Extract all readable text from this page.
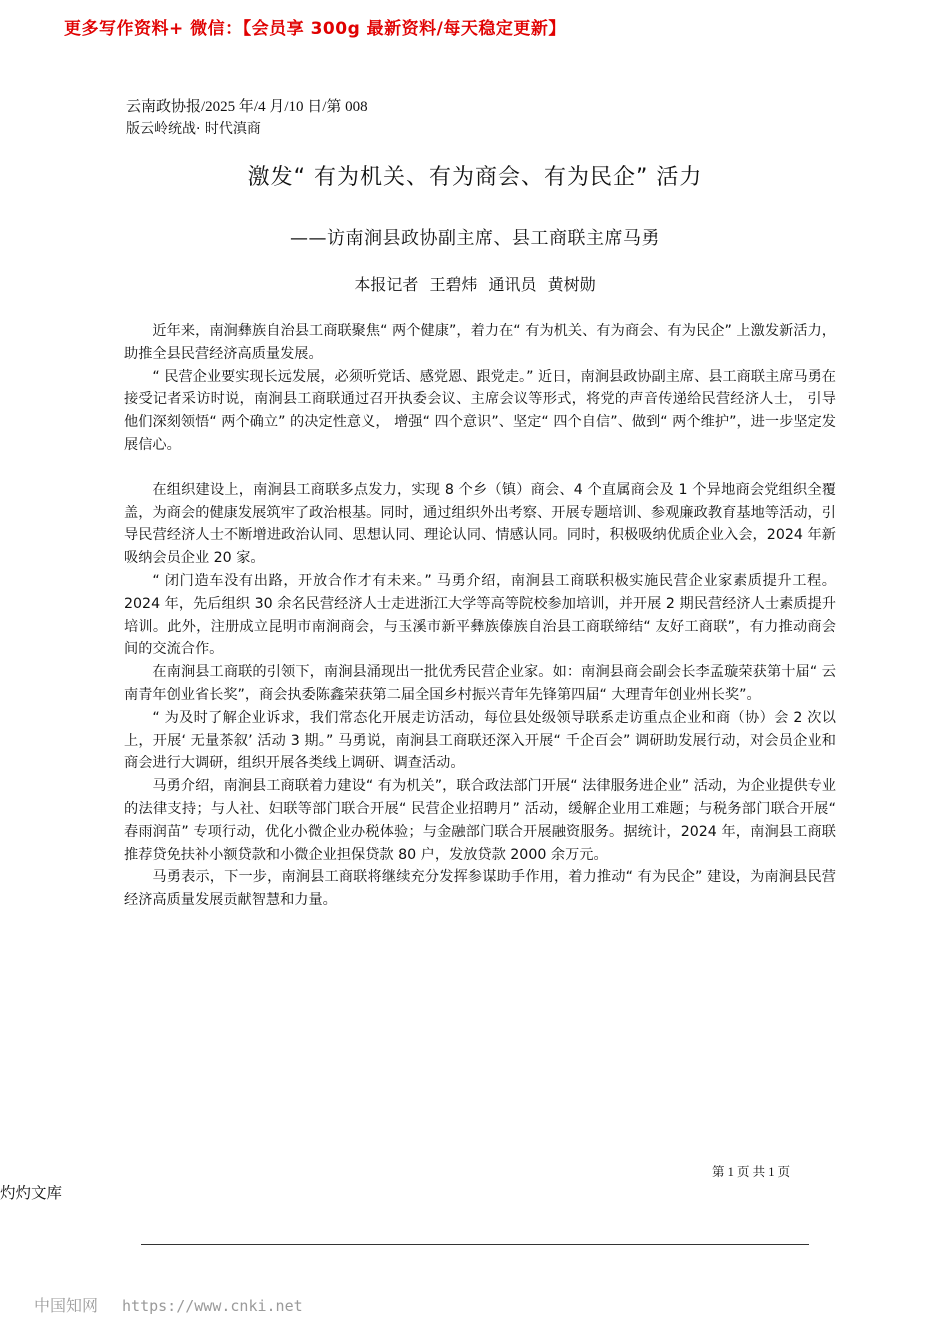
更多写作资料+ 微信：【会员享 300g 最新资料/每天稳定更新】
云南政协报/2025 年/4 月/10 日/第 008
版云岭统战· 时代滇商
激发“ 有为机关、有为商会、有为民企” 活力
——访南涧县政协副主席、县工商联主席马勇
本报记者 王碧炜 通讯员 黄树勋

近年来，南涧彝族自治县工商联聚焦“ 两个健康”，着力在“ 有为机关、有为商会、有为民企” 上激发新活力，助推全县民营经济高质量发展。

“ 民营企业要实现长远发展，必须听党话、感党恩、跟党走。” 近日，南涧县政协副主席、县工商联主席马勇在接受记者采访时说，南涧县工商联通过召开执委会议、主席会议等形式，将党的声音传递给民营经济人士， 引导他们深刻领悟“ 两个确立” 的决定性意义， 增强“ 四个意识”、坚定“ 四个自信”、做到“ 两个维护”，进一步坚定发展信心。

在组织建设上，南涧县工商联多点发力，实现 8 个乡（镇）商会、4 个直属商会及 1 个异地商会党组织全覆盖，为商会的健康发展筑牢了政治根基。同时，通过组织外出考察、开展专题培训、参观廉政教育基地等活动，引导民营经济人士不断增进政治认同、思想认同、理论认同、情感认同。同时，积极吸纳优质企业入会，2024 年新吸纳会员企业 20 家。

“ 闭门造车没有出路，开放合作才有未来。” 马勇介绍，南涧县工商联积极实施民营企业家素质提升工程。2024 年，先后组织 30 余名民营经济人士走进浙江大学等高等院校参加培训，并开展 2 期民营经济人士素质提升培训。此外，注册成立昆明市南涧商会，与玉溪市新平彝族傣族自治县工商联缔结“ 友好工商联”，有力推动商会间的交流合作。

在南涧县工商联的引领下，南涧县涌现出一批优秀民营企业家。如：南涧县商会副会长李孟璇荣获第十届“ 云南青年创业省长奖”，商会执委陈鑫荣获第二届全国乡村振兴青年先锋第四届“ 大理青年创业州长奖”。

“ 为及时了解企业诉求，我们常态化开展走访活动，每位县处级领导联系走访重点企业和商（协）会 2 次以上，开展‘ 无量茶叙’ 活动 3 期。” 马勇说，南涧县工商联还深入开展“ 千企百会” 调研助发展行动，对会员企业和商会进行大调研，组织开展各类线上调研、调查活动。

马勇介绍，南涧县工商联着力建设“ 有为机关”，联合政法部门开展“ 法律服务进企业” 活动，为企业提供专业的法律支持；与人社、妇联等部门联合开展“ 民营企业招聘月” 活动，缓解企业用工难题；与税务部门联合开展“ 春雨润苗” 专项行动，优化小微企业办税体验；与金融部门联合开展融资服务。据统计，2024 年，南涧县工商联推荐贷免扶补小额贷款和小微企业担保贷款 80 户，发放贷款 2000 余万元。

马勇表示，下一步，南涧县工商联将继续充分发挥参谋助手作用，着力推动“ 有为民企” 建设，为南涧县民营经济高质量发展贡献智慧和力量。

第 1 页 共 1 页
灼灼文库
中国知网 https://www.cnki.net
